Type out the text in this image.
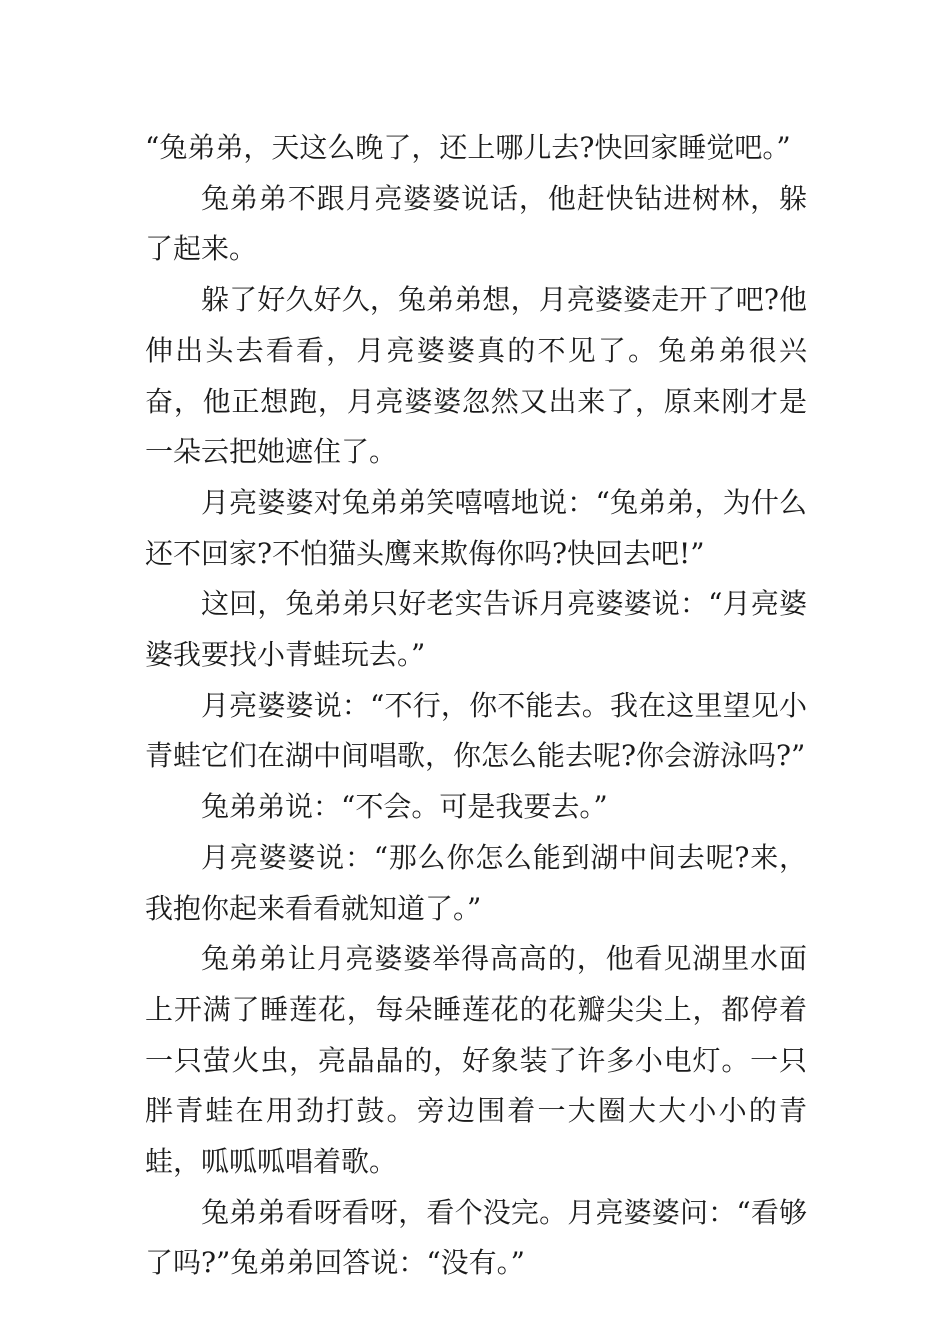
“兔弟弟，天这么晚了，还上哪儿去?快回家睡觉吧。”

兔弟弟不跟月亮婆婆说话，他赶快钻进树林，躲了起来。

躲了好久好久，兔弟弟想，月亮婆婆走开了吧?他伸出头去看看，月亮婆婆真的不见了。兔弟弟很兴奋，他正想跑，月亮婆婆忽然又出来了，原来刚才是一朵云把她遮住了。

月亮婆婆对兔弟弟笑嘻嘻地说：“兔弟弟，为什么还不回家?不怕猫头鹰来欺侮你吗?快回去吧!”

这回，兔弟弟只好老实告诉月亮婆婆说：“月亮婆婆我要找小青蛙玩去。”

月亮婆婆说：“不行，你不能去。我在这里望见小青蛙它们在湖中间唱歌，你怎么能去呢?你会游泳吗?”

兔弟弟说：“不会。可是我要去。”

月亮婆婆说：“那么你怎么能到湖中间去呢?来，我抱你起来看看就知道了。”

兔弟弟让月亮婆婆举得高高的，他看见湖里水面上开满了睡莲花，每朵睡莲花的花瓣尖尖上，都停着一只萤火虫，亮晶晶的，好象装了许多小电灯。一只胖青蛙在用劲打鼓。旁边围着一大圈大大小小的青蛙，呱呱呱唱着歌。

兔弟弟看呀看呀，看个没完。月亮婆婆问：“看够了吗?”兔弟弟回答说：“没有。”
